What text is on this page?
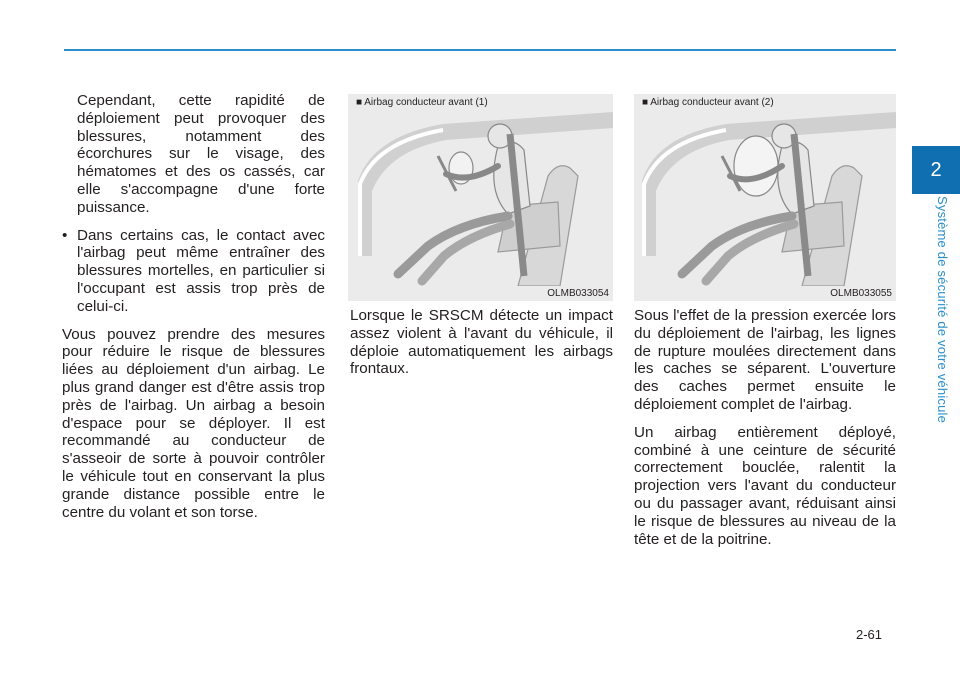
2
Système de sécurité de votre véhicule

Cependant, cette rapidité de déploiement peut provoquer des blessures, notamment des écorchures sur le visage, des hématomes et des os cassés, car elle s'accompagne d'une forte puissance.

• Dans certains cas, le contact avec l'airbag peut même entraîner des blessures mortelles, en particulier si l'occupant est assis trop près de celui-ci.

Vous pouvez prendre des mesures pour réduire le risque de blessures liées au déploiement d'un airbag. Le plus grand danger est d'être assis trop près de l'airbag. Un airbag a besoin d'espace pour se déployer. Il est recommandé au conducteur de s'asseoir de sorte à pouvoir contrôler le véhicule tout en conservant la plus grande distance possible entre le centre du volant et son torse.

■ Airbag conducteur avant (1)
OLMB033054
■ Airbag conducteur avant (2)
OLMB033055

Lorsque le SRSCM détecte un impact assez violent à l'avant du véhicule, il déploie automatiquement les airbags frontaux.

Sous l'effet de la pression exercée lors du déploiement de l'airbag, les lignes de rupture moulées directement dans les caches se séparent. L'ouverture des caches permet ensuite le déploiement complet de l'airbag.

Un airbag entièrement déployé, combiné à une ceinture de sécurité correctement bouclée, ralentit la projection vers l'avant du conducteur ou du passager avant, réduisant ainsi le risque de blessures au niveau de la tête et de la poitrine.

2-61
